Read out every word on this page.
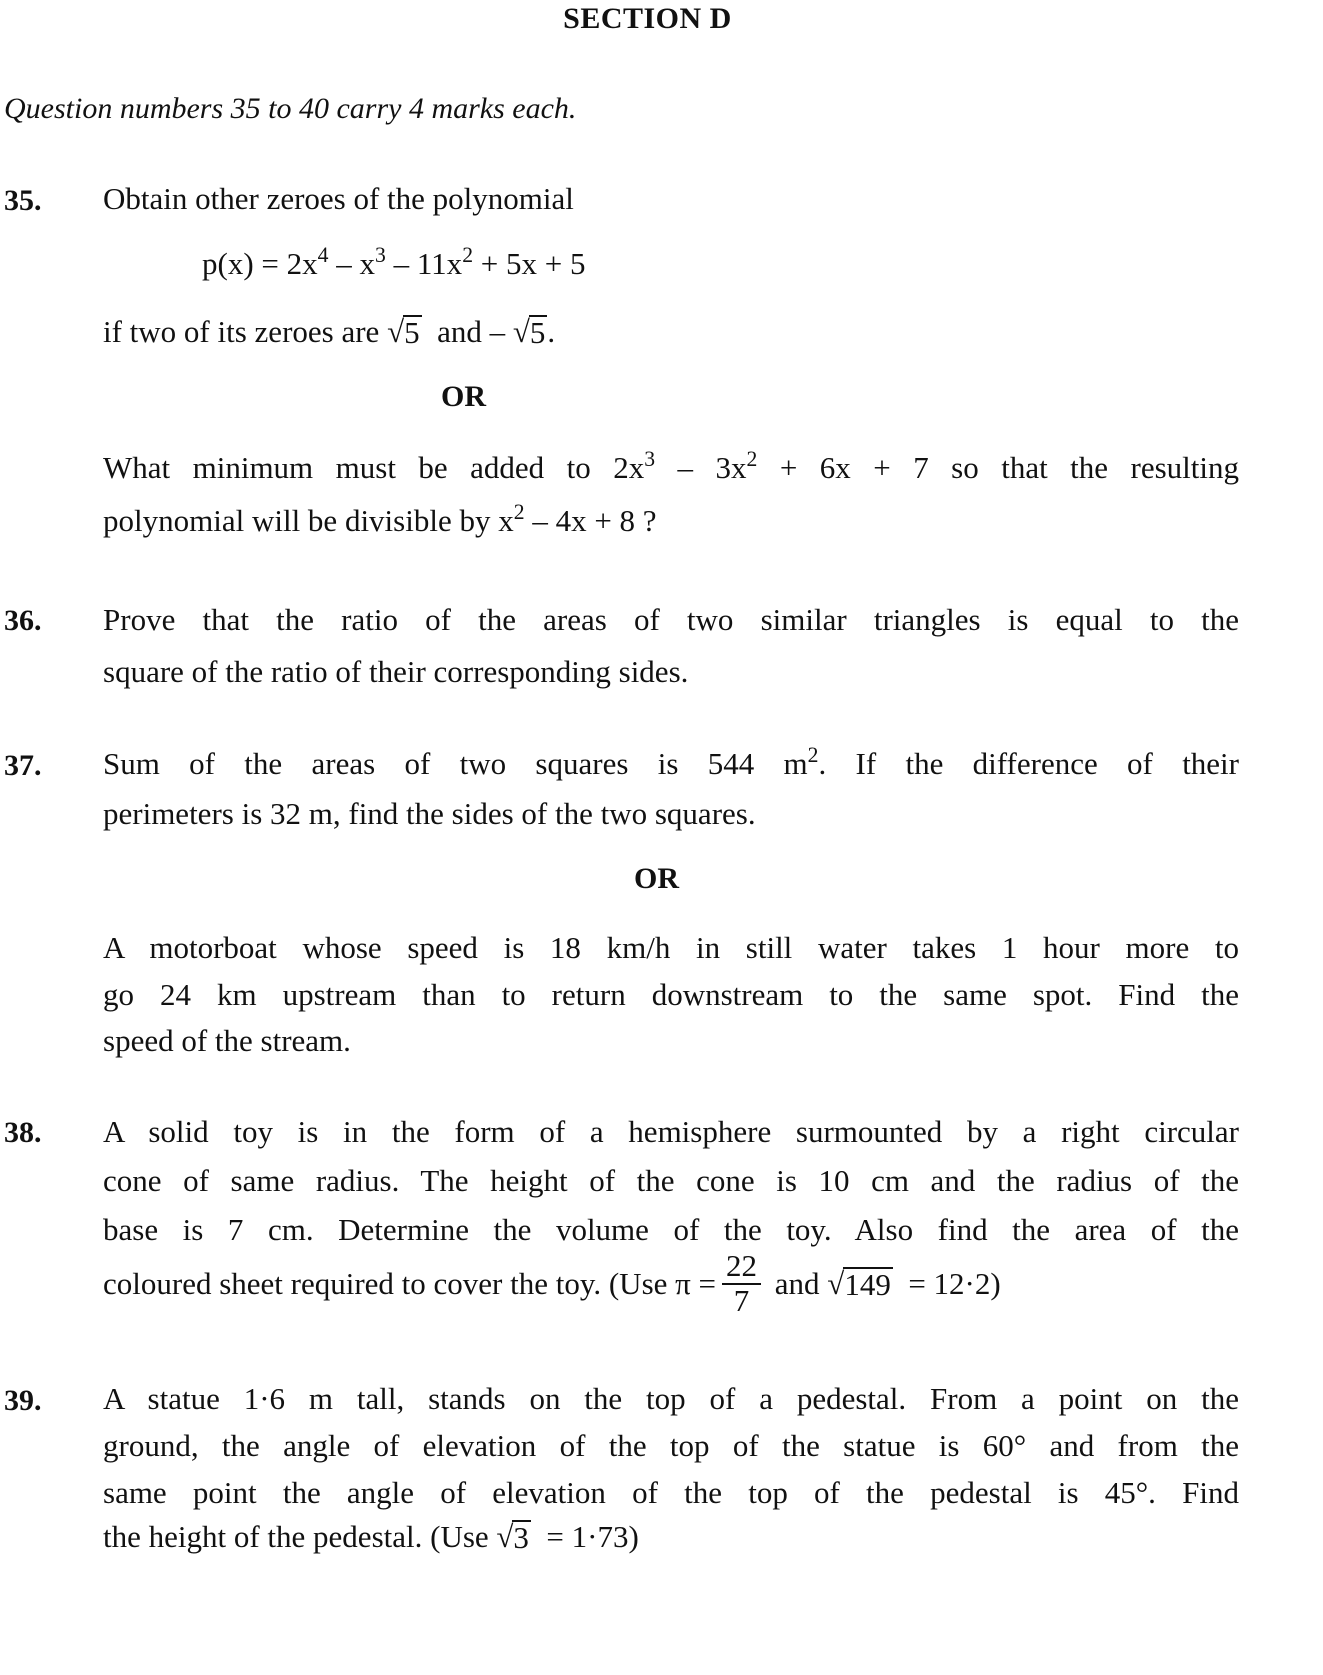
SECTION D
Question numbers 35 to 40 carry 4 marks each.
35. Obtain other zeroes of the polynomial
$p(x) = 2x^4 - x^3 - 11x^2 + 5x + 5$
if two of its zeroes are √ 5 and – √ 5 .
OR
What minimum must be added to $2x^3 - 3x^2 + 6x + 7$ so that the resulting
polynomial will be divisible by $x^2 - 4x + 8$ ?
36. Prove that the ratio of the areas of two similar triangles is equal to the
square of the ratio of their corresponding sides.
37. Sum of the areas of two squares is 544 $m^2$. If the difference of their
perimeters is 32 m, find the sides of the two squares.
OR
A motorboat whose speed is 18 km/h in still water takes 1 hour more to
go 24 km upstream than to return downstream to the same spot. Find the
speed of the stream.
38. A solid toy is in the form of a hemisphere surmounted by a right circular
cone of same radius. The height of the cone is 10 cm and the radius of the
base is 7 cm. Determine the volume of the toy. Also find the area of the
coloured sheet required to cover the toy. (Use $\pi = \frac{22}{7}$ and √ 149 = 12·2)
39. A statue 1·6 m tall, stands on the top of a pedestal. From a point on the
ground, the angle of elevation of the top of the statue is 60° and from the
same point the angle of elevation of the top of the pedestal is 45°. Find
the height of the pedestal. (Use √ 3 = 1·73)
